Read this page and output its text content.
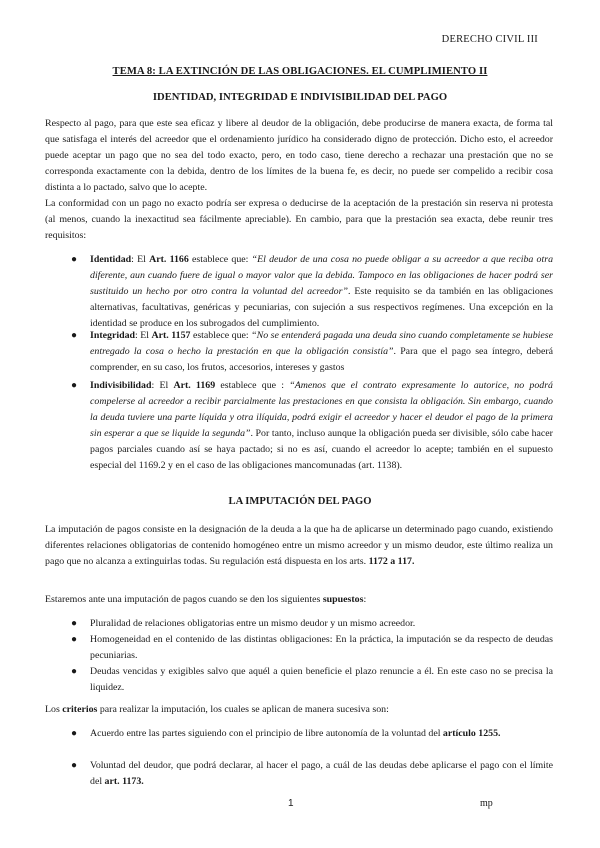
DERECHO CIVIL III
TEMA 8: LA EXTINCIÓN DE LAS OBLIGACIONES. EL CUMPLIMIENTO II
IDENTIDAD, INTEGRIDAD E INDIVISIBILIDAD DEL PAGO

Respecto al pago, para que este sea eficaz y libere al deudor de la obligación, debe producirse de manera exacta, de forma tal que satisfaga el interés del acreedor que el ordenamiento jurídico ha considerado digno de protección. Dicho esto, el acreedor puede aceptar un pago que no sea del todo exacto, pero, en todo caso, tiene derecho a rechazar una prestación que no se corresponda exactamente con la debida, dentro de los límites de la buena fe, es decir, no puede ser compelido a recibir cosa distinta a lo pactado, salvo que lo acepte.

La conformidad con un pago no exacto podría ser expresa o deducirse de la aceptación de la prestación sin reserva ni protesta (al menos, cuando la inexactitud sea fácilmente apreciable). En cambio, para que la prestación sea exacta, debe reunir tres requisitos:

● Identidad: El Art. 1166 establece que: “El deudor de una cosa no puede obligar a su acreedor a que reciba otra diferente, aun cuando fuere de igual o mayor valor que la debida. Tampoco en las obligaciones de hacer podrá ser sustituido un hecho por otro contra la voluntad del acreedor”. Este requisito se da también en las obligaciones alternativas, facultativas, genéricas y pecuniarias, con sujeción a sus respectivos regímenes. Una excepción en la identidad se produce en los subrogados del cumplimiento.

● Integridad: El Art. 1157 establece que: “No se entenderá pagada una deuda sino cuando completamente se hubiese entregado la cosa o hecho la prestación en que la obligación consistía”. Para que el pago sea íntegro, deberá comprender, en su caso, los frutos, accesorios, intereses y gastos

● Indivisibilidad: El Art. 1169 establece que : “Amenos que el contrato expresamente lo autorice, no podrá compelerse al acreedor a recibir parcialmente las prestaciones en que consista la obligación. Sin embargo, cuando la deuda tuviere una parte líquida y otra ilíquida, podrá exigir el acreedor y hacer el deudor el pago de la primera sin esperar a que se liquide la segunda”. Por tanto, incluso aunque la obligación pueda ser divisible, sólo cabe hacer pagos parciales cuando así se haya pactado; si no es así, cuando el acreedor lo acepte; también en el supuesto especial del 1169.2 y en el caso de las obligaciones mancomunadas (art. 1138).

LA IMPUTACIÓN DEL PAGO

La imputación de pagos consiste en la designación de la deuda a la que ha de aplicarse un determinado pago cuando, existiendo diferentes relaciones obligatorias de contenido homogéneo entre un mismo acreedor y un mismo deudor, este último realiza un pago que no alcanza a extinguirlas todas. Su regulación está dispuesta en los arts. 1172 a 117.

Estaremos ante una imputación de pagos cuando se den los siguientes supuestos:

● Pluralidad de relaciones obligatorias entre un mismo deudor y un mismo acreedor.

● Homogeneidad en el contenido de las distintas obligaciones: En la práctica, la imputación se da respecto de deudas pecuniarias.

● Deudas vencidas y exigibles salvo que aquél a quien beneficie el plazo renuncie a él. En este caso no se precisa la liquidez.

Los criterios para realizar la imputación, los cuales se aplican de manera sucesiva son:

● Acuerdo entre las partes siguiendo con el principio de libre autonomía de la voluntad del artículo 1255.

● Voluntad del deudor, que podrá declarar, al hacer el pago, a cuál de las deudas debe aplicarse el pago con el límite del art. 1173.

1	mp
